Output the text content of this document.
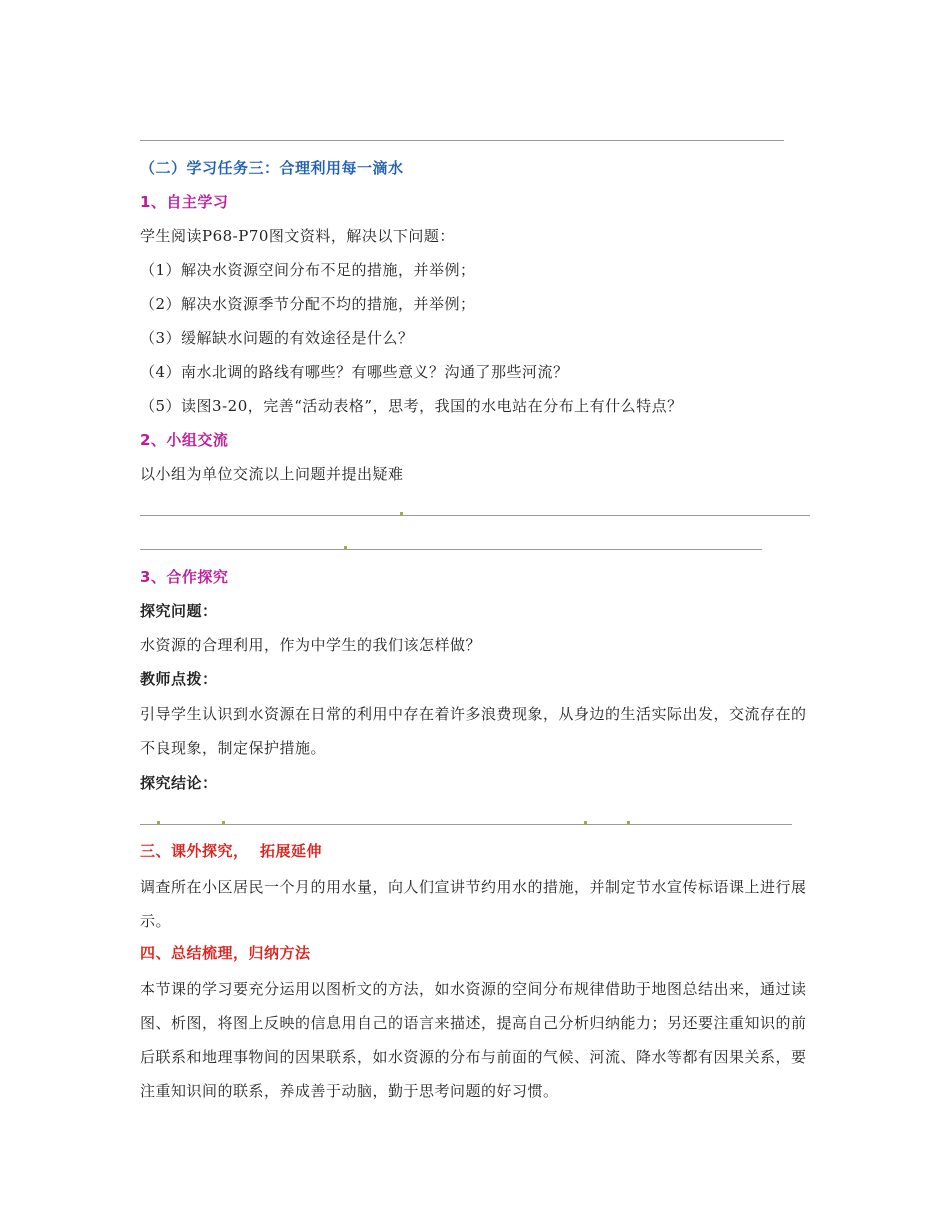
（二）学习任务三：合理利用每一滴水
1、自主学习
学生阅读P68-P70图文资料，解决以下问题：
（1）解决水资源空间分布不足的措施，并举例；
（2）解决水资源季节分配不均的措施，并举例；
（3）缓解缺水问题的有效途径是什么？
（4）南水北调的路线有哪些？有哪些意义？沟通了那些河流？
（5）读图3-20，完善“活动表格”，思考，我国的水电站在分布上有什么特点？
2、小组交流
以小组为单位交流以上问题并提出疑难
3、合作探究
探究问题：
水资源的合理利用，作为中学生的我们该怎样做？
教师点拨：
引导学生认识到水资源在日常的利用中存在着许多浪费现象，从身边的生活实际出发，交流存在的不良现象，制定保护措施。
探究结论：
三、课外探究，  拓展延伸
调查所在小区居民一个月的用水量，向人们宣讲节约用水的措施，并制定节水宣传标语课上进行展示。
四、总结梳理，归纳方法
本节课的学习要充分运用以图析文的方法，如水资源的空间分布规律借助于地图总结出来，通过读图、析图，将图上反映的信息用自己的语言来描述，提高自己分析归纳能力；另还要注重知识的前后联系和地理事物间的因果联系，如水资源的分布与前面的气候、河流、降水等都有因果关系，要注重知识间的联系，养成善于动脑，勤于思考问题的好习惯。
